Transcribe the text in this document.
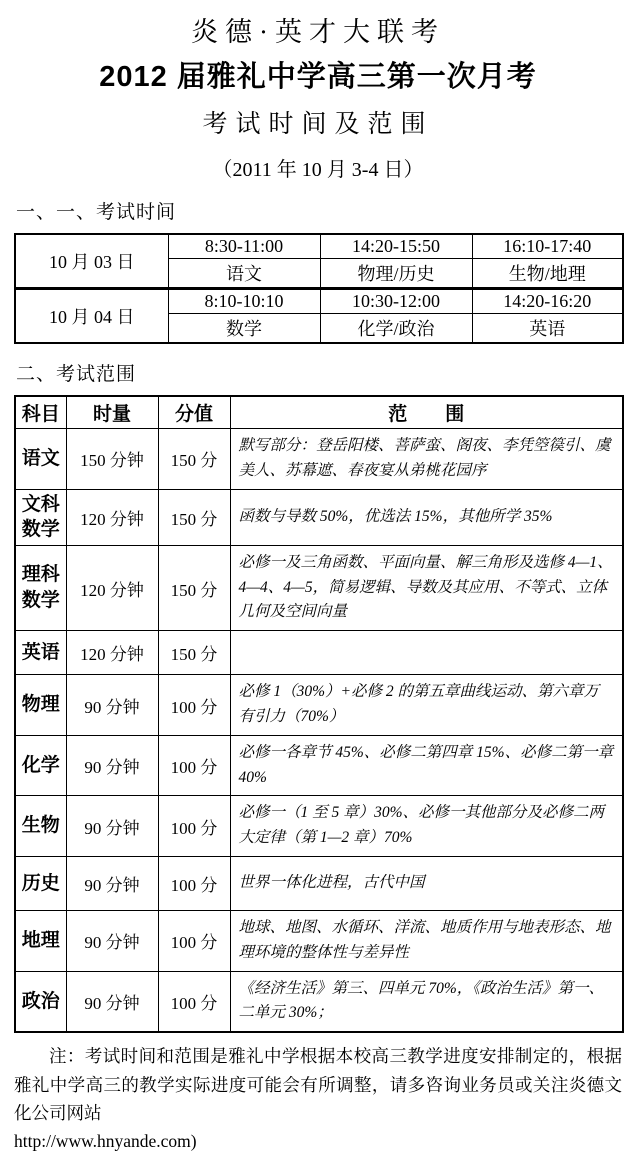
炎德·英才大联考
2012 届雅礼中学高三第一次月考
考试时间及范围
（2011 年 10 月 3-4 日）
一、一、考试时间
10 月 03 日	8:30-11:00	14:20-15:50	16:10-17:40
	语文	物理/历史	生物/地理
10 月 04 日	8:10-10:10	10:30-12:00	14:20-16:20
	数学	化学/政治	英语
二、考试范围
科目	时量	分值	范　　围
语文	150 分钟	150 分	默写部分：登岳阳楼、菩萨蛮、阁夜、李凭箜篌引、虞美人、苏幕遮、春夜宴从弟桃花园序
文科数学	120 分钟	150 分	函数与导数 50%，优选法 15%，其他所学 35%
理科数学	120 分钟	150 分	必修一及三角函数、平面向量、解三角形及选修 4—1、4—4、4—5，简易逻辑、导数及其应用、不等式、立体几何及空间向量
英语	120 分钟	150 分	
物理	90 分钟	100 分	必修 1（30%）+必修 2 的第五章曲线运动、第六章万有引力（70%）
化学	90 分钟	100 分	必修一各章节 45%、必修二第四章 15%、必修二第一章 40%
生物	90 分钟	100 分	必修一（1 至 5 章）30%、必修一其他部分及必修二两大定律（第 1—2 章）70%
历史	90 分钟	100 分	世界一体化进程，古代中国
地理	90 分钟	100 分	地球、地图、水循环、洋流、地质作用与地表形态、地理环境的整体性与差异性
政治	90 分钟	100 分	《经济生活》第三、四单元 70%，《政治生活》第一、二单元 30%；
注：考试时间和范围是雅礼中学根据本校高三教学进度安排制定的，根据雅礼中学高三的教学实际进度可能会有所调整，请多咨询业务员或关注炎德文化公司网站
http://www.hnyande.com)
